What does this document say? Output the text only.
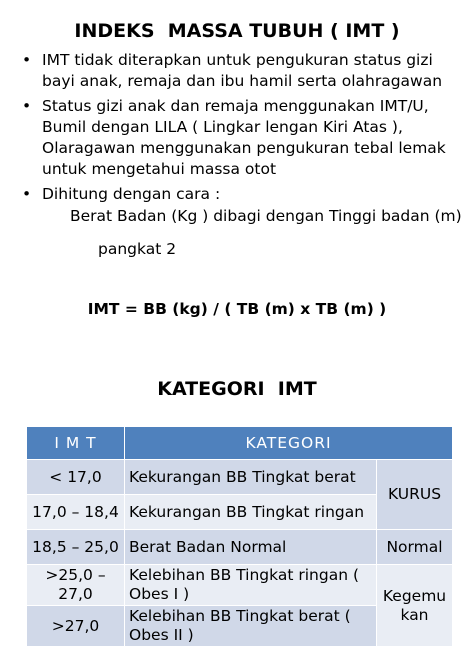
INDEKS  MASSA TUBUH ( IMT )
• IMT tidak diterapkan untuk pengukuran status gizi bayi anak, remaja dan ibu hamil serta olahragawan
• Status gizi anak dan remaja menggunakan IMT/U, Bumil dengan LILA ( Lingkar lengan Kiri Atas ), Olaragawan menggunakan pengukuran tebal lemak untuk mengetahui massa otot
• Dihitung dengan cara :
Berat Badan (Kg ) dibagi dengan Tinggi badan (m)
pangkat 2
IMT = BB (kg) / ( TB (m) x TB (m) )
KATEGORI  IMT
I M T	KATEGORI	
< 17,0	Kekurangan BB Tingkat berat	KURUS
17,0 – 18,4	Kekurangan BB Tingkat ringan	
18,5 – 25,0	Berat Badan Normal	Normal
>25,0 – 27,0	Kelebihan BB Tingkat ringan ( Obes I )	Kegemukan
>27,0	Kelebihan BB Tingkat berat ( Obes II )	
